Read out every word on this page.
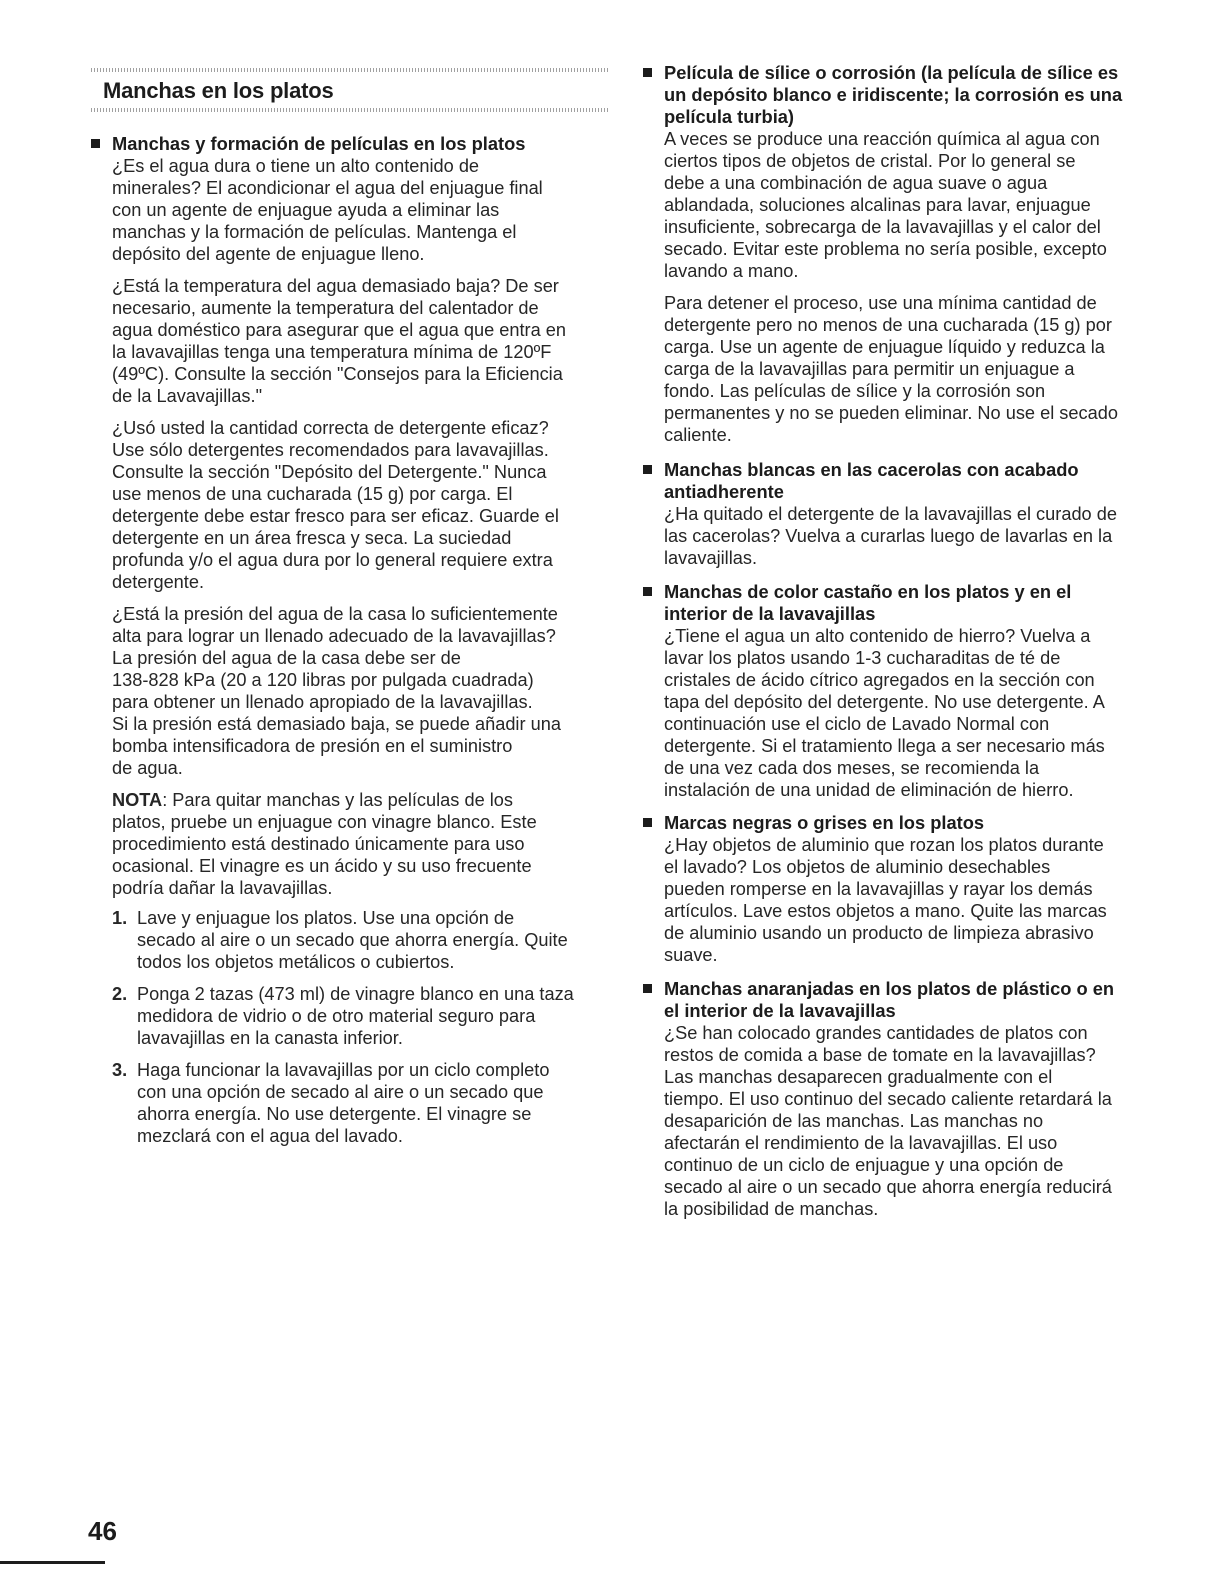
Manchas en los platos
Manchas y formación de películas en los platos

¿Es el agua dura o tiene un alto contenido de
minerales? El acondicionar el agua del enjuague final
con un agente de enjuague ayuda a eliminar las
manchas y la formación de películas. Mantenga el
depósito del agente de enjuague lleno.

¿Está la temperatura del agua demasiado baja? De ser
necesario, aumente la temperatura del calentador de
agua doméstico para asegurar que el agua que entra en
la lavavajillas tenga una temperatura mínima de 120ºF
(49ºC). Consulte la sección "Consejos para la Eficiencia
de la Lavavajillas."

¿Usó usted la cantidad correcta de detergente eficaz?
Use sólo detergentes recomendados para lavavajillas.
Consulte la sección "Depósito del Detergente." Nunca
use menos de una cucharada (15 g) por carga. El
detergente debe estar fresco para ser eficaz. Guarde el
detergente en un área fresca y seca. La suciedad
profunda y/o el agua dura por lo general requiere extra
detergente.

¿Está la presión del agua de la casa lo suficientemente
alta para lograr un llenado adecuado de la lavavajillas?
La presión del agua de la casa debe ser de
138-828 kPa (20 a 120 libras por pulgada cuadrada)
para obtener un llenado apropiado de la lavavajillas.
Si la presión está demasiado baja, se puede añadir una
bomba intensificadora de presión en el suministro
de agua.

NOTA: Para quitar manchas y las películas de los
platos, pruebe un enjuague con vinagre blanco. Este
procedimiento está destinado únicamente para uso
ocasional. El vinagre es un ácido y su uso frecuente
podría dañar la lavavajillas.

1. Lave y enjuague los platos. Use una opción de
secado al aire o un secado que ahorra energía. Quite
todos los objetos metálicos o cubiertos.
2. Ponga 2 tazas (473 ml) de vinagre blanco en una taza
medidora de vidrio o de otro material seguro para
lavavajillas en la canasta inferior.
3. Haga funcionar la lavavajillas por un ciclo completo
con una opción de secado al aire o un secado que
ahorra energía. No use detergente. El vinagre se
mezclará con el agua del lavado.
Película de sílice o corrosión (la película de sílice es
un depósito blanco e iridiscente; la corrosión es una
película turbia)

A veces se produce una reacción química al agua con
ciertos tipos de objetos de cristal. Por lo general se
debe a una combinación de agua suave o agua
ablandada, soluciones alcalinas para lavar, enjuague
insuficiente, sobrecarga de la lavavajillas y el calor del
secado. Evitar este problema no sería posible, excepto
lavando a mano.

Para detener el proceso, use una mínima cantidad de
detergente pero no menos de una cucharada (15 g) por
carga. Use un agente de enjuague líquido y reduzca la
carga de la lavavajillas para permitir un enjuague a
fondo. Las películas de sílice y la corrosión son
permanentes y no se pueden eliminar. No use el secado
caliente.

Manchas blancas en las cacerolas con acabado
antiadherente

¿Ha quitado el detergente de la lavavajillas el curado de
las cacerolas? Vuelva a curarlas luego de lavarlas en la
lavavajillas.

Manchas de color castaño en los platos y en el
interior de la lavavajillas

¿Tiene el agua un alto contenido de hierro? Vuelva a
lavar los platos usando 1-3 cucharaditas de té de
cristales de ácido cítrico agregados en la sección con
tapa del depósito del detergente. No use detergente. A
continuación use el ciclo de Lavado Normal con
detergente. Si el tratamiento llega a ser necesario más
de una vez cada dos meses, se recomienda la
instalación de una unidad de eliminación de hierro.

Marcas negras o grises en los platos

¿Hay objetos de aluminio que rozan los platos durante
el lavado? Los objetos de aluminio desechables
pueden romperse en la lavavajillas y rayar los demás
artículos. Lave estos objetos a mano. Quite las marcas
de aluminio usando un producto de limpieza abrasivo
suave.

Manchas anaranjadas en los platos de plástico o en
el interior de la lavavajillas

¿Se han colocado grandes cantidades de platos con
restos de comida a base de tomate en la lavavajillas?
Las manchas desaparecen gradualmente con el
tiempo. El uso continuo del secado caliente retardará la
desaparición de las manchas. Las manchas no
afectarán el rendimiento de la lavavajillas. El uso
continuo de un ciclo de enjuague y una opción de
secado al aire o un secado que ahorra energía reducirá
la posibilidad de manchas.

46
